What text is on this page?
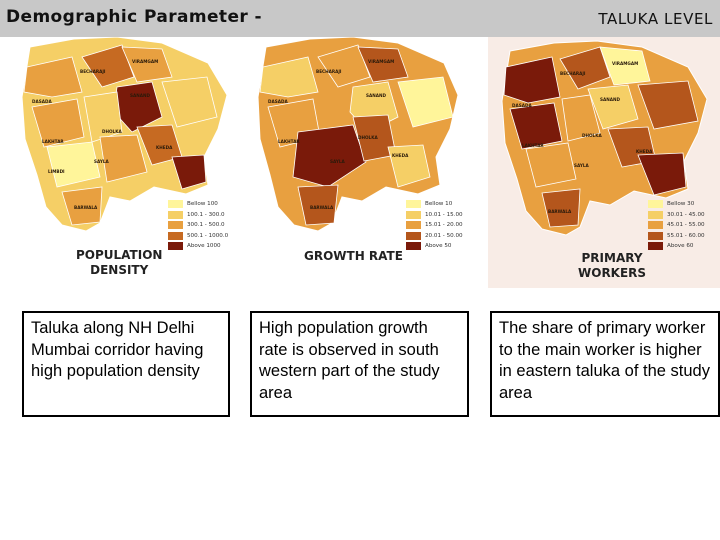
Demographic Parameter -	TALUKA LEVEL
VIRAMGAM
BECHARAJI
DASADA
SANAND
LAKHTAR
DHOLKA
SAYLA
KHEDA
LIMBDI
BARWALA
POPULATION
DENSITY
Bellow 100
100.1 - 300.0
300.1 - 500.0
500.1 - 1000.0
Above 1000
VIRAMGAM
BECHARAJI
DASADA
SANAND
LAKHTAR
DHOLKA
SAYLA
KHEDA
BARWALA
GROWTH RATE
Bellow 10
10.01 - 15.00
15.01 - 20.00
20.01 - 50.00
Above 50
VIRAMGAM
BECHARAJI
DASADA
SANAND
LAKHTAR
DHOLKA
SAYLA
KHEDA
BARWALA
PRIMARY
WORKERS
Bellow 30
30.01 - 45.00
45.01 - 55.00
55.01 - 60.00
Above 60
Taluka along NH Delhi Mumbai corridor having high population density
High population growth rate is observed in south western part of the study area
The share of primary worker to the main worker is higher in eastern taluka of the study area
